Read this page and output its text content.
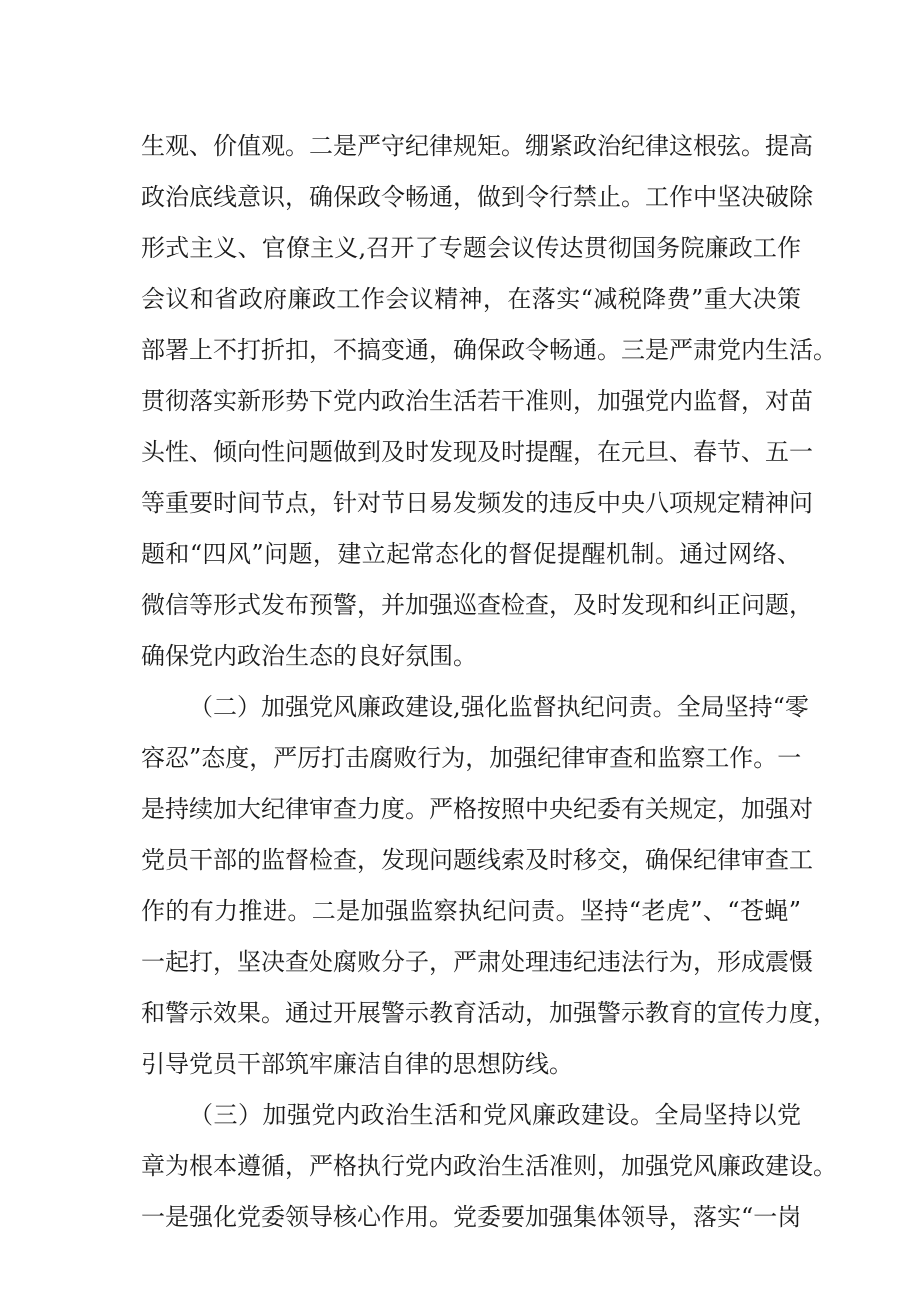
生观、价值观。二是严守纪律规矩。绷紧政治纪律这根弦。提高
政治底线意识，确保政令畅通，做到令行禁止。工作中坚决破除
形式主义、官僚主义,召开了专题会议传达贯彻国务院廉政工作
会议和省政府廉政工作会议精神，在落实“减税降费”重大决策
部署上不打折扣，不搞变通，确保政令畅通。三是严肃党内生活。
贯彻落实新形势下党内政治生活若干准则，加强党内监督，对苗
头性、倾向性问题做到及时发现及时提醒，在元旦、春节、五一
等重要时间节点，针对节日易发频发的违反中央八项规定精神问
题和“四风”问题，建立起常态化的督促提醒机制。通过网络、
微信等形式发布预警，并加强巡查检查，及时发现和纠正问题，
确保党内政治生态的良好氛围。
（二）加强党风廉政建设,强化监督执纪问责。全局坚持“零
容忍”态度，严厉打击腐败行为，加强纪律审查和监察工作。一
是持续加大纪律审查力度。严格按照中央纪委有关规定，加强对
党员干部的监督检查，发现问题线索及时移交，确保纪律审查工
作的有力推进。二是加强监察执纪问责。坚持“老虎”、“苍蝇”
一起打，坚决查处腐败分子，严肃处理违纪违法行为，形成震慑
和警示效果。通过开展警示教育活动，加强警示教育的宣传力度，
引导党员干部筑牢廉洁自律的思想防线。
（三）加强党内政治生活和党风廉政建设。全局坚持以党
章为根本遵循，严格执行党内政治生活准则，加强党风廉政建设。
一是强化党委领导核心作用。党委要加强集体领导，落实“一岗
